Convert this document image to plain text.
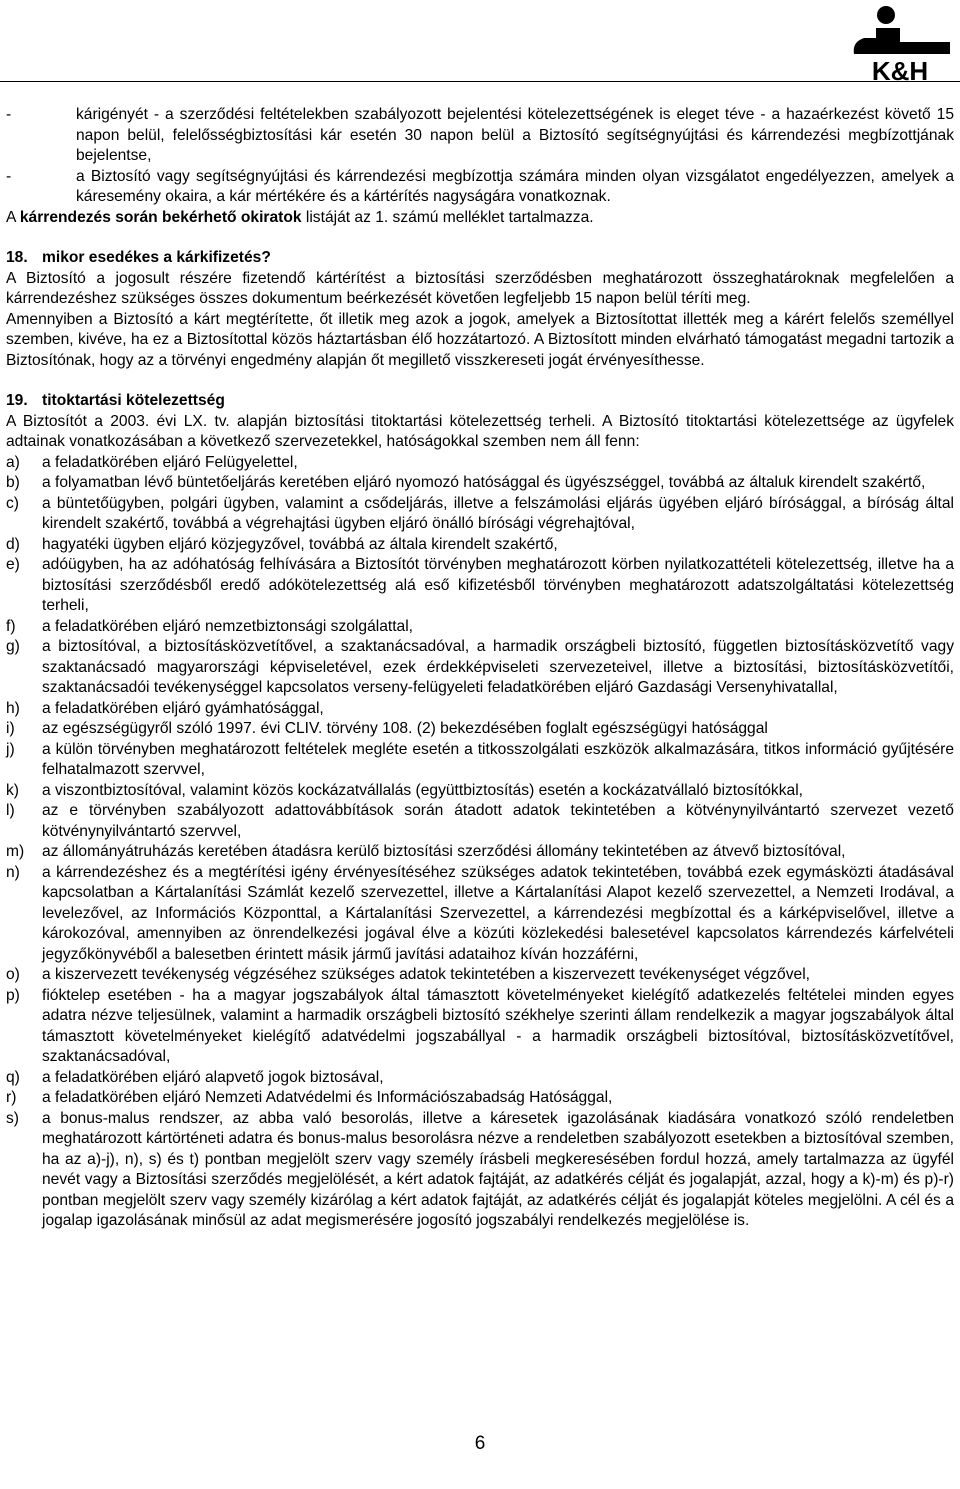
K&H
-	kárigényét - a szerződési feltételekben szabályozott bejelentési kötelezettségének is eleget téve - a hazaérkezést követő 15 napon belül, felelősségbiztosítási kár esetén 30 napon belül a Biztosító segítségnyújtási és kárrendezési megbízottjának bejelentse,
-	a Biztosító vagy segítségnyújtási és kárrendezési megbízottja számára minden olyan vizsgálatot engedélyezzen, amelyek a káresemény okaira, a kár mértékére és a kártérítés nagyságára vonatkoznak.

A kárrendezés során bekérhető okiratok listáját az 1. számú melléklet tartalmazza.

18. mikor esedékes a kárkifizetés?

A Biztosító a jogosult részére fizetendő kártérítést a biztosítási szerződésben meghatározott összeghatároknak megfelelően a kárrendezéshez szükséges összes dokumentum beérkezését követően legfeljebb 15 napon belül téríti meg.

Amennyiben a Biztosító a kárt megtérítette, őt illetik meg azok a jogok, amelyek a Biztosítottat illették meg a kárért felelős személlyel szemben, kivéve, ha ez a Biztosítottal közös háztartásban élő hozzátartozó. A Biztosított minden elvárható támogatást megadni tartozik a Biztosítónak, hogy az a törvényi engedmény alapján őt megillető visszkereseti jogát érvényesíthesse.

19. titoktartási kötelezettség

A Biztosítót a 2003. évi LX. tv. alapján biztosítási titoktartási kötelezettség terheli. A Biztosító titoktartási kötelezettsége az ügyfelek adtainak vonatkozásában a következő szervezetekkel, hatóságokkal szemben nem áll fenn:

a)	a feladatkörében eljáró Felügyelettel,
b)	a folyamatban lévő büntetőeljárás keretében eljáró nyomozó hatósággal és ügyészséggel, továbbá az általuk kirendelt szakértő,
c)	a büntetőügyben, polgári ügyben, valamint a csődeljárás, illetve a felszámolási eljárás ügyében eljáró bírósággal, a bíróság által kirendelt szakértő, továbbá a végrehajtási ügyben eljáró önálló bírósági végrehajtóval,
d)	hagyatéki ügyben eljáró közjegyzővel, továbbá az általa kirendelt szakértő,
e)	adóügyben, ha az adóhatóság felhívására a Biztosítót törvényben meghatározott körben nyilatkozattételi kötelezettség, illetve ha a biztosítási szerződésből eredő adókötelezettség alá eső kifizetésből törvényben meghatározott adatszolgáltatási kötelezettség terheli,
f)	a feladatkörében eljáró nemzetbiztonsági szolgálattal,
g)	a biztosítóval, a biztosításközvetítővel, a szaktanácsadóval, a harmadik országbeli biztosító, független biztosításközvetítő vagy szaktanácsadó magyarországi képviseletével, ezek érdekképviseleti szervezeteivel, illetve a biztosítási, biztosításközvetítői, szaktanácsadói tevékenységgel kapcsolatos verseny-felügyeleti feladatkörében eljáró Gazdasági Versenyhivatallal,
h)	a feladatkörében eljáró gyámhatósággal,
i)	az egészségügyről szóló 1997. évi CLIV. törvény 108. (2) bekezdésében foglalt egészségügyi hatósággal
j)	a külön törvényben meghatározott feltételek megléte esetén a titkosszolgálati eszközök alkalmazására, titkos információ gyűjtésére felhatalmazott szervvel,
k)	a viszontbiztosítóval, valamint közös kockázatvállalás (együttbiztosítás) esetén a kockázatvállaló biztosítókkal,
l)	az e törvényben szabályozott adattovábbítások során átadott adatok tekintetében a kötvénynyilvántartó szervezet vezető kötvénynyilvántartó szervvel,
m)	az állományátruházás keretében átadásra kerülő biztosítási szerződési állomány tekintetében az átvevő biztosítóval,
n)	a kárrendezéshez és a megtérítési igény érvényesítéséhez szükséges adatok tekintetében, továbbá ezek egymásközti átadásával kapcsolatban a Kártalanítási Számlát kezelő szervezettel, illetve a Kártalanítási Alapot kezelő szervezettel, a Nemzeti Irodával, a levelezővel, az Információs Központtal, a Kártalanítási Szervezettel, a kárrendezési megbízottal és a kárképviselővel, illetve a károkozóval, amennyiben az önrendelkezési jogával élve a közúti közlekedési balesetével kapcsolatos kárrendezés kárfelvételi jegyzőkönyvéből a balesetben érintett másik jármű javítási adataihoz kíván hozzáférni,
o)	a kiszervezett tevékenység végzéséhez szükséges adatok tekintetében a kiszervezett tevékenységet végzővel,
p)	fióktelep esetében - ha a magyar jogszabályok által támasztott követelményeket kielégítő adatkezelés feltételei minden egyes adatra nézve teljesülnek, valamint a harmadik országbeli biztosító székhelye szerinti állam rendelkezik a magyar jogszabályok által támasztott követelményeket kielégítő adatvédelmi jogszabállyal - a harmadik országbeli biztosítóval, biztosításközvetítővel, szaktanácsadóval,
q)	a feladatkörében eljáró alapvető jogok biztosával,
r)	a feladatkörében eljáró Nemzeti Adatvédelmi és Információszabadság Hatósággal,
s)	a bonus-malus rendszer, az abba való besorolás, illetve a káresetek igazolásának kiadására vonatkozó szóló rendeletben meghatározott kártörténeti adatra és bonus-malus besorolásra nézve a rendeletben szabályozott esetekben a biztosítóval szemben, ha az a)-j), n), s) és t) pontban megjelölt szerv vagy személy írásbeli megkeresésében fordul hozzá, amely tartalmazza az ügyfél nevét vagy a Biztosítási szerződés megjelölését, a kért adatok fajtáját, az adatkérés célját és jogalapját, azzal, hogy a k)-m) és p)-r) pontban megjelölt szerv vagy személy kizárólag a kért adatok fajtáját, az adatkérés célját és jogalapját köteles megjelölni. A cél és a jogalap igazolásának minősül az adat megismerésére jogosító jogszabályi rendelkezés megjelölése is.
6
